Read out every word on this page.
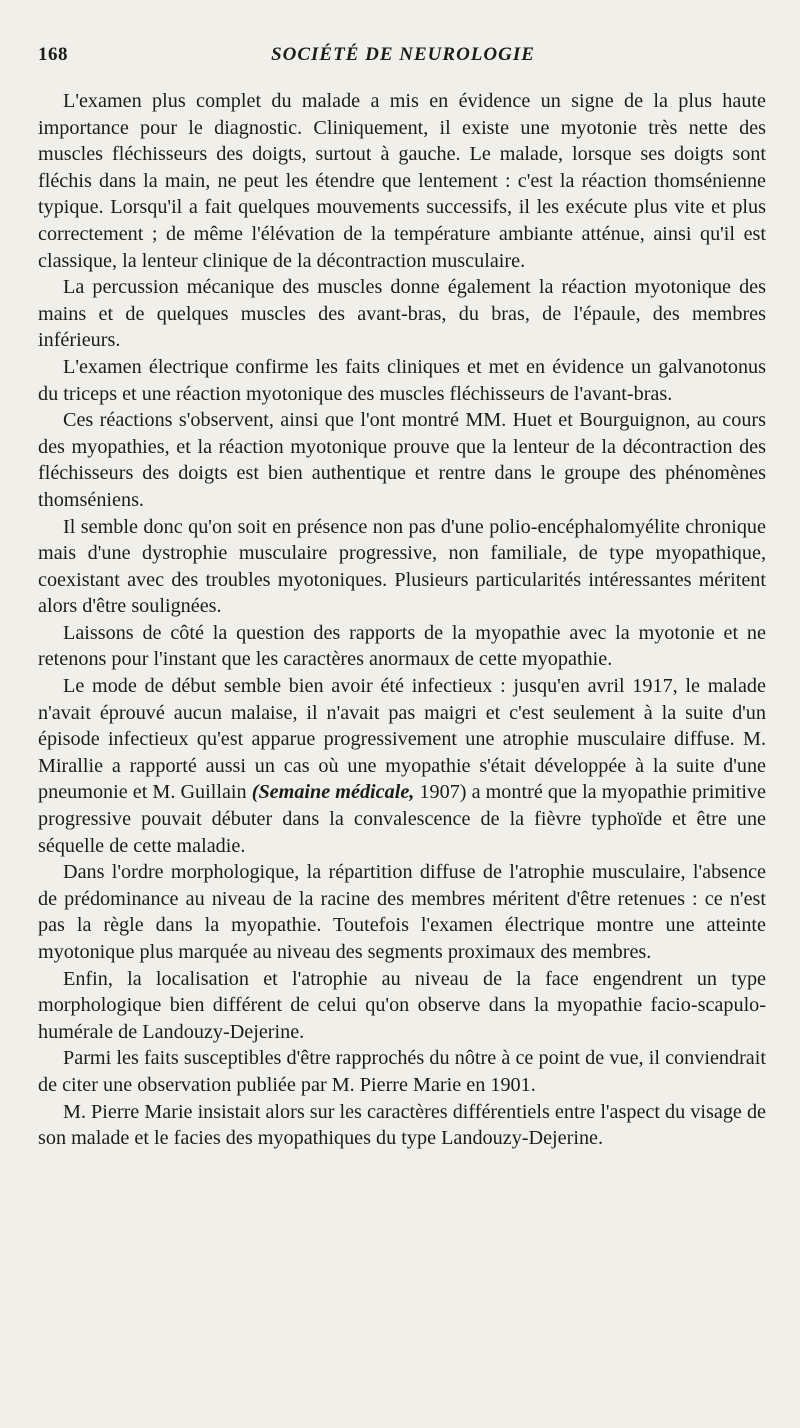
168	SOCIÉTÉ DE NEUROLOGIE

L'examen plus complet du malade a mis en évidence un signe de la plus haute importance pour le diagnostic. Cliniquement, il existe une myotonie très nette des muscles fléchisseurs des doigts, surtout à gauche. Le malade, lorsque ses doigts sont fléchis dans la main, ne peut les étendre que lentement : c'est la réaction thomsénienne typique. Lorsqu'il a fait quelques mouvements successifs, il les exécute plus vite et plus correctement ; de même l'élévation de la température ambiante atténue, ainsi qu'il est classique, la lenteur clinique de la décontraction musculaire.

La percussion mécanique des muscles donne également la réaction myotonique des mains et de quelques muscles des avant-bras, du bras, de l'épaule, des membres inférieurs.

L'examen électrique confirme les faits cliniques et met en évidence un galvanotonus du triceps et une réaction myotonique des muscles fléchisseurs de l'avant-bras.

Ces réactions s'observent, ainsi que l'ont montré MM. Huet et Bourguignon, au cours des myopathies, et la réaction myotonique prouve que la lenteur de la décontraction des fléchisseurs des doigts est bien authentique et rentre dans le groupe des phénomènes thomséniens.

Il semble donc qu'on soit en présence non pas d'une polio-encéphalomyélite chronique mais d'une dystrophie musculaire progressive, non familiale, de type myopathique, coexistant avec des troubles myotoniques. Plusieurs particularités intéressantes méritent alors d'être soulignées.

Laissons de côté la question des rapports de la myopathie avec la myotonie et ne retenons pour l'instant que les caractères anormaux de cette myopathie.

Le mode de début semble bien avoir été infectieux : jusqu'en avril 1917, le malade n'avait éprouvé aucun malaise, il n'avait pas maigri et c'est seulement à la suite d'un épisode infectieux qu'est apparue progressivement une atrophie musculaire diffuse. M. Mirallie a rapporté aussi un cas où une myopathie s'était développée à la suite d'une pneumonie et M. Guillain (Semaine médicale, 1907) a montré que la myopathie primitive progressive pouvait débuter dans la convalescence de la fièvre typhoïde et être une séquelle de cette maladie.

Dans l'ordre morphologique, la répartition diffuse de l'atrophie musculaire, l'absence de prédominance au niveau de la racine des membres méritent d'être retenues : ce n'est pas la règle dans la myopathie. Toutefois l'examen électrique montre une atteinte myotonique plus marquée au niveau des segments proximaux des membres.

Enfin, la localisation et l'atrophie au niveau de la face engendrent un type morphologique bien différent de celui qu'on observe dans la myopathie facio-scapulo-humérale de Landouzy-Dejerine.

Parmi les faits susceptibles d'être rapprochés du nôtre à ce point de vue, il conviendrait de citer une observation publiée par M. Pierre Marie en 1901.

M. Pierre Marie insistait alors sur les caractères différentiels entre l'aspect du visage de son malade et le facies des myopathiques du type Landouzy-Dejerine.
